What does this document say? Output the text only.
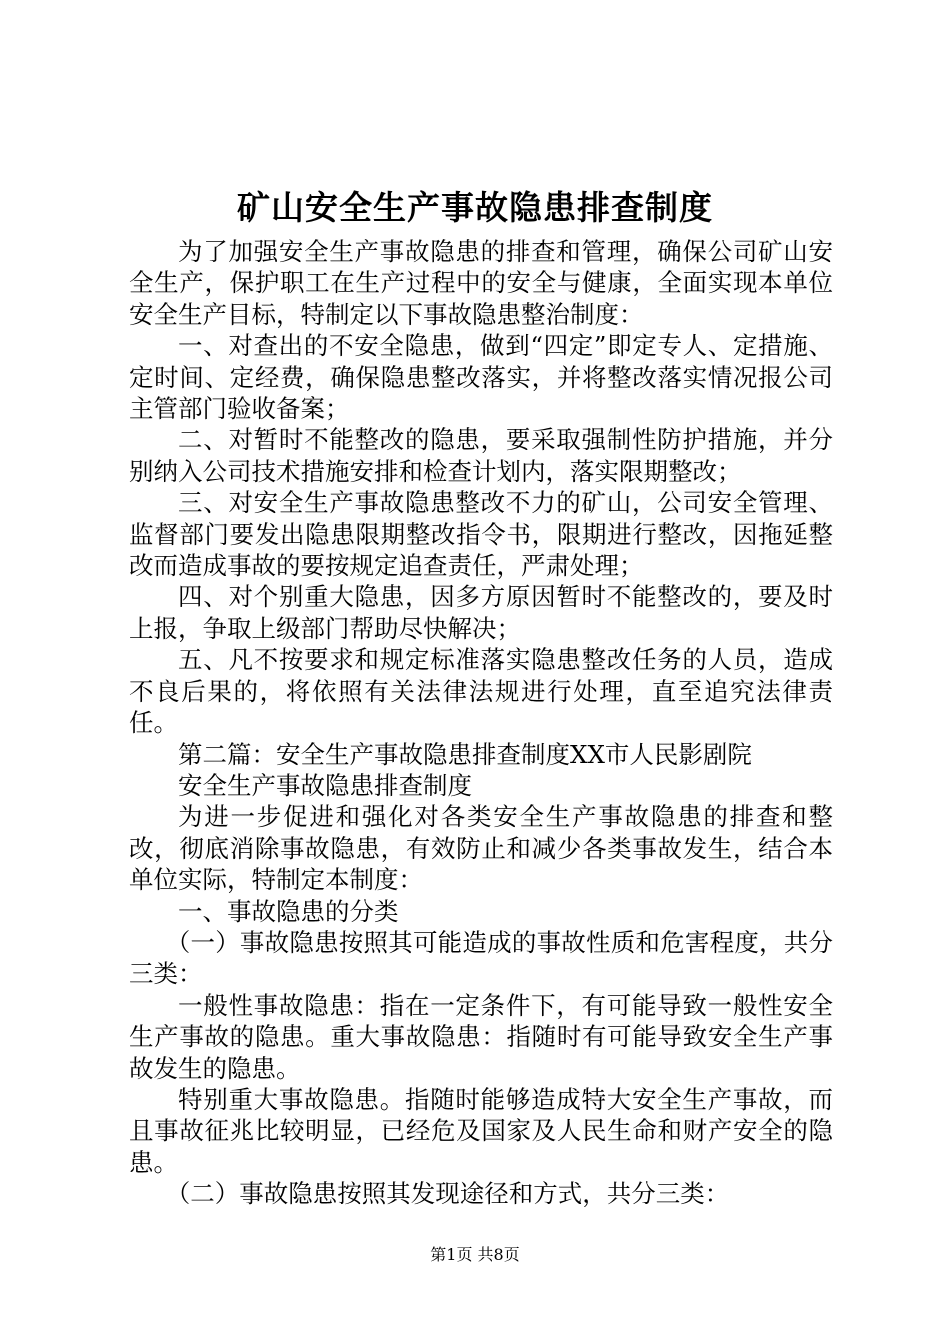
矿山安全生产事故隐患排查制度

为了加强安全生产事故隐患的排查和管理，确保公司矿山安全生产，保护职工在生产过程中的安全与健康，全面实现本单位安全生产目标，特制定以下事故隐患整治制度：

一、对查出的不安全隐患，做到“四定”即定专人、定措施、定时间、定经费，确保隐患整改落实，并将整改落实情况报公司主管部门验收备案；

二、对暂时不能整改的隐患，要采取强制性防护措施，并分别纳入公司技术措施安排和检查计划内，落实限期整改；

三、对安全生产事故隐患整改不力的矿山，公司安全管理、监督部门要发出隐患限期整改指令书，限期进行整改，因拖延整改而造成事故的要按规定追查责任，严肃处理；

四、对个别重大隐患，因多方原因暂时不能整改的，要及时上报，争取上级部门帮助尽快解决；

五、凡不按要求和规定标准落实隐患整改任务的人员，造成不良后果的，将依照有关法律法规进行处理，直至追究法律责任。

第二篇：安全生产事故隐患排查制度XX市人民影剧院

安全生产事故隐患排查制度

为进一步促进和强化对各类安全生产事故隐患的排查和整改，彻底消除事故隐患，有效防止和减少各类事故发生，结合本单位实际，特制定本制度：

一、事故隐患的分类

（一）事故隐患按照其可能造成的事故性质和危害程度，共分三类：

一般性事故隐患：指在一定条件下，有可能导致一般性安全生产事故的隐患。重大事故隐患：指随时有可能导致安全生产事故发生的隐患。

特别重大事故隐患。指随时能够造成特大安全生产事故，而且事故征兆比较明显，已经危及国家及人民生命和财产安全的隐患。

（二）事故隐患按照其发现途径和方式，共分三类：

第1页 共8页
